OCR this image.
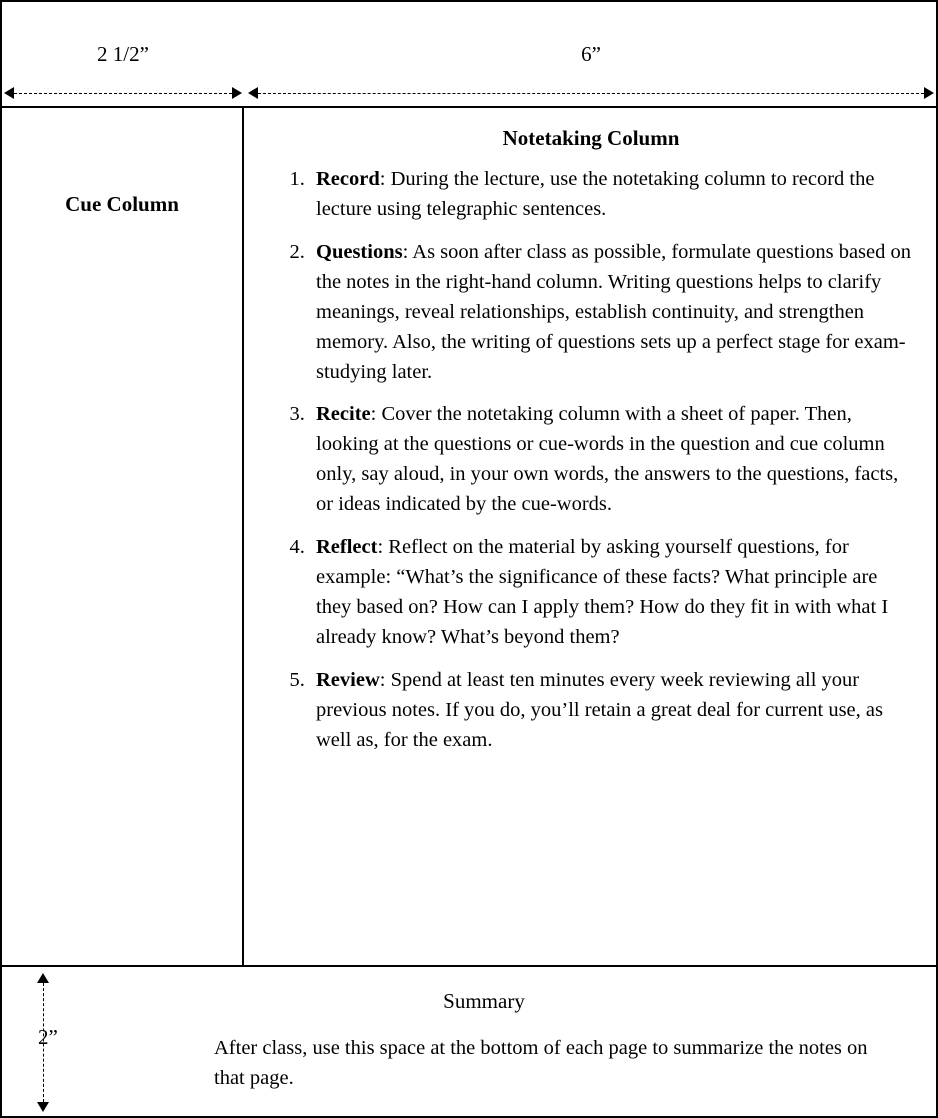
2 1/2”	6”
Cue Column
Notetaking Column
1. Record: During the lecture, use the notetaking column to record the lecture using telegraphic sentences.
2. Questions: As soon after class as possible, formulate questions based on the notes in the right-hand column. Writing questions helps to clarify meanings, reveal relationships, establish continuity, and strengthen memory. Also, the writing of questions sets up a perfect stage for exam-studying later.
3. Recite: Cover the notetaking column with a sheet of paper. Then, looking at the questions or cue-words in the question and cue column only, say aloud, in your own words, the answers to the questions, facts, or ideas indicated by the cue-words.
4. Reflect: Reflect on the material by asking yourself questions, for example: “What’s the significance of these facts? What principle are they based on? How can I apply them? How do they fit in with what I already know? What’s beyond them?
5. Review: Spend at least ten minutes every week reviewing all your previous notes. If you do, you’ll retain a great deal for current use, as well as, for the exam.
2”
Summary
After class, use this space at the bottom of each page to summarize the notes on that page.
